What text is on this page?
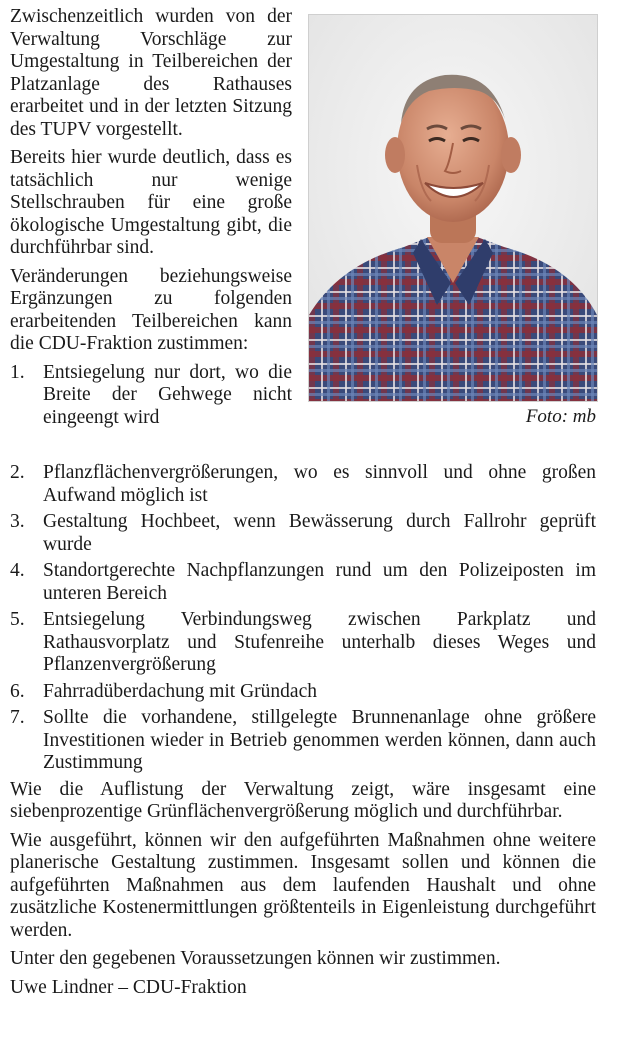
Zwischenzeitlich wurden von der Verwaltung Vorschläge zur Umgestaltung in Teilbereichen der Platzanlage des Rathauses erarbeitet und in der letzten Sitzung des TUPV vorgestellt.

Bereits hier wurde deutlich, dass es tatsächlich nur wenige Stellschrauben für eine große ökologische Umgestaltung gibt, die durchführbar sind.

Veränderungen beziehungsweise Ergänzungen zu folgenden erarbeitenden Teilbereichen kann die CDU-Fraktion zustimmen:

1. Entsiegelung nur dort, wo die Breite der Gehwege nicht eingeengt wird	Foto: mb
2. Pflanzflächenvergrößerungen, wo es sinnvoll und ohne großen Aufwand möglich ist
3. Gestaltung Hochbeet, wenn Bewässerung durch Fallrohr geprüft wurde
4. Standortgerechte Nachpflanzungen rund um den Polizeiposten im unteren Bereich
5. Entsiegelung Verbindungsweg zwischen Parkplatz und Rathausvorplatz und Stufenreihe unterhalb dieses Weges und Pflanzenvergrößerung
6. Fahrradüberdachung mit Gründach
7. Sollte die vorhandene, stillgelegte Brunnenanlage ohne größere Investitionen wieder in Betrieb genommen werden können, dann auch Zustimmung

Wie die Auflistung der Verwaltung zeigt, wäre insgesamt eine siebenprozentige Grünflächenvergrößerung möglich und durchführbar.

Wie ausgeführt, können wir den aufgeführten Maßnahmen ohne weitere planerische Gestaltung zustimmen. Insgesamt sollen und können die aufgeführten Maßnahmen aus dem laufenden Haushalt und ohne zusätzliche Kostenermittlungen größtenteils in Eigenleistung durchgeführt werden.

Unter den gegebenen Voraussetzungen können wir zustimmen.

Uwe Lindner – CDU-Fraktion
